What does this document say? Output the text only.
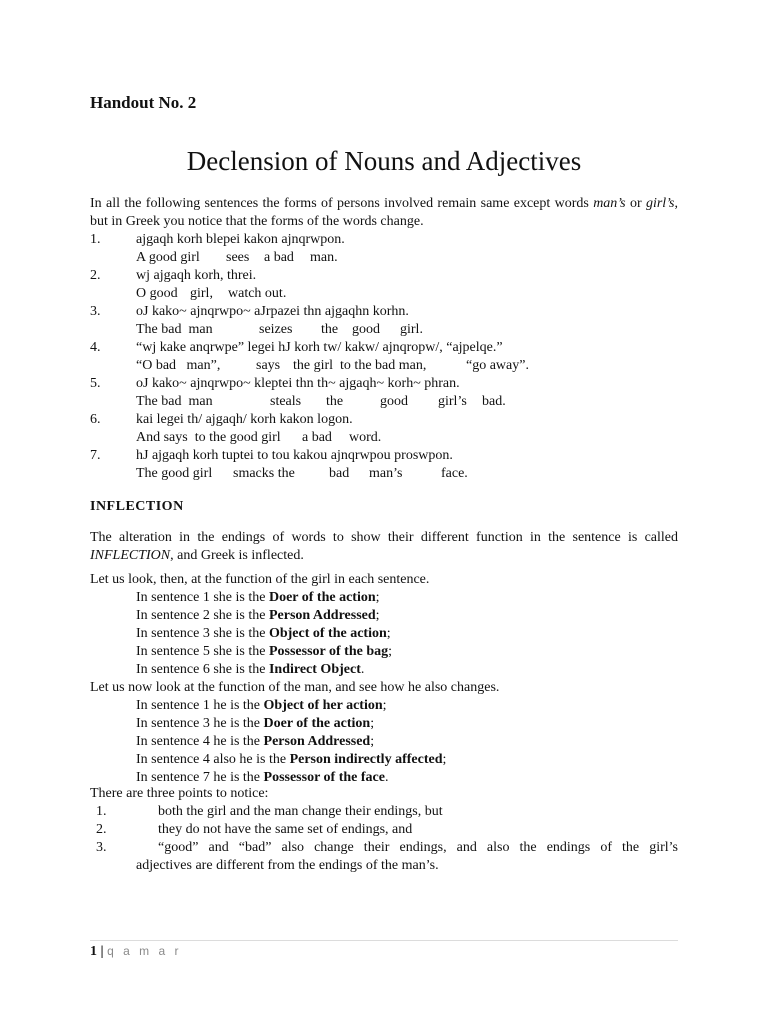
Handout No. 2
Declension of Nouns and Adjectives
In all the following sentences the forms of persons involved remain same except words man’s or girl’s, but in Greek you notice that the forms of the words change.
1.	ajgaqh korh blepei kakon ajnqrwpon.
A good girl sees a bad man.
2.	wj ajgaqh korh, threi.
O good girl, watch out.
3.	oJ kako~ ajnqrwpo~ aJrpazei thn ajgaqhn korhn.
The bad  man	seizes the good girl.
4.	“wj kake anqrwpe” legei hJ korh tw/ kakw/ ajnqropw/, “ajpelqe.”
“O bad   man”,	says the girl  to the bad man,	“go away”.
5.	oJ kako~ ajnqrwpo~ kleptei thn th~ ajgaqh~ korh~ phran.
The bad  man	steals the	good girl’s bad.
6.	kai legei th/ ajgaqh/ korh kakon logon.
And says  to the good girl a bad word.
7.	hJ ajgaqh korh tuptei to tou kakou ajnqrwpou proswpon.
The good girl smacks the bad man’s	face.
INFLECTION
The alteration in the endings of words to show their different function in the sentence is called INFLECTION, and Greek is inflected.
Let us look, then, at the function of the girl in each sentence.
In sentence 1 she is the Doer of the action;
In sentence 2 she is the Person Addressed;
In sentence 3 she is the Object of the action;
In sentence 5 she is the Possessor of the bag;
In sentence 6 she is the Indirect Object.
Let us now look at the function of the man, and see how he also changes.
In sentence 1 he is the Object of her action;
In sentence 3 he is the Doer of the action;
In sentence 4 he is the Person Addressed;
In sentence 4 also he is the Person indirectly affected;
In sentence 7 he is the Possessor of the face.
There are three points to notice:
1.	both the girl and the man change their endings, but
2.	they do not have the same set of endings, and
3.	“good” and “bad” also change their endings, and also the endings of the girl’s
adjectives are different from the endings of the man’s.
1 | q a m a r
